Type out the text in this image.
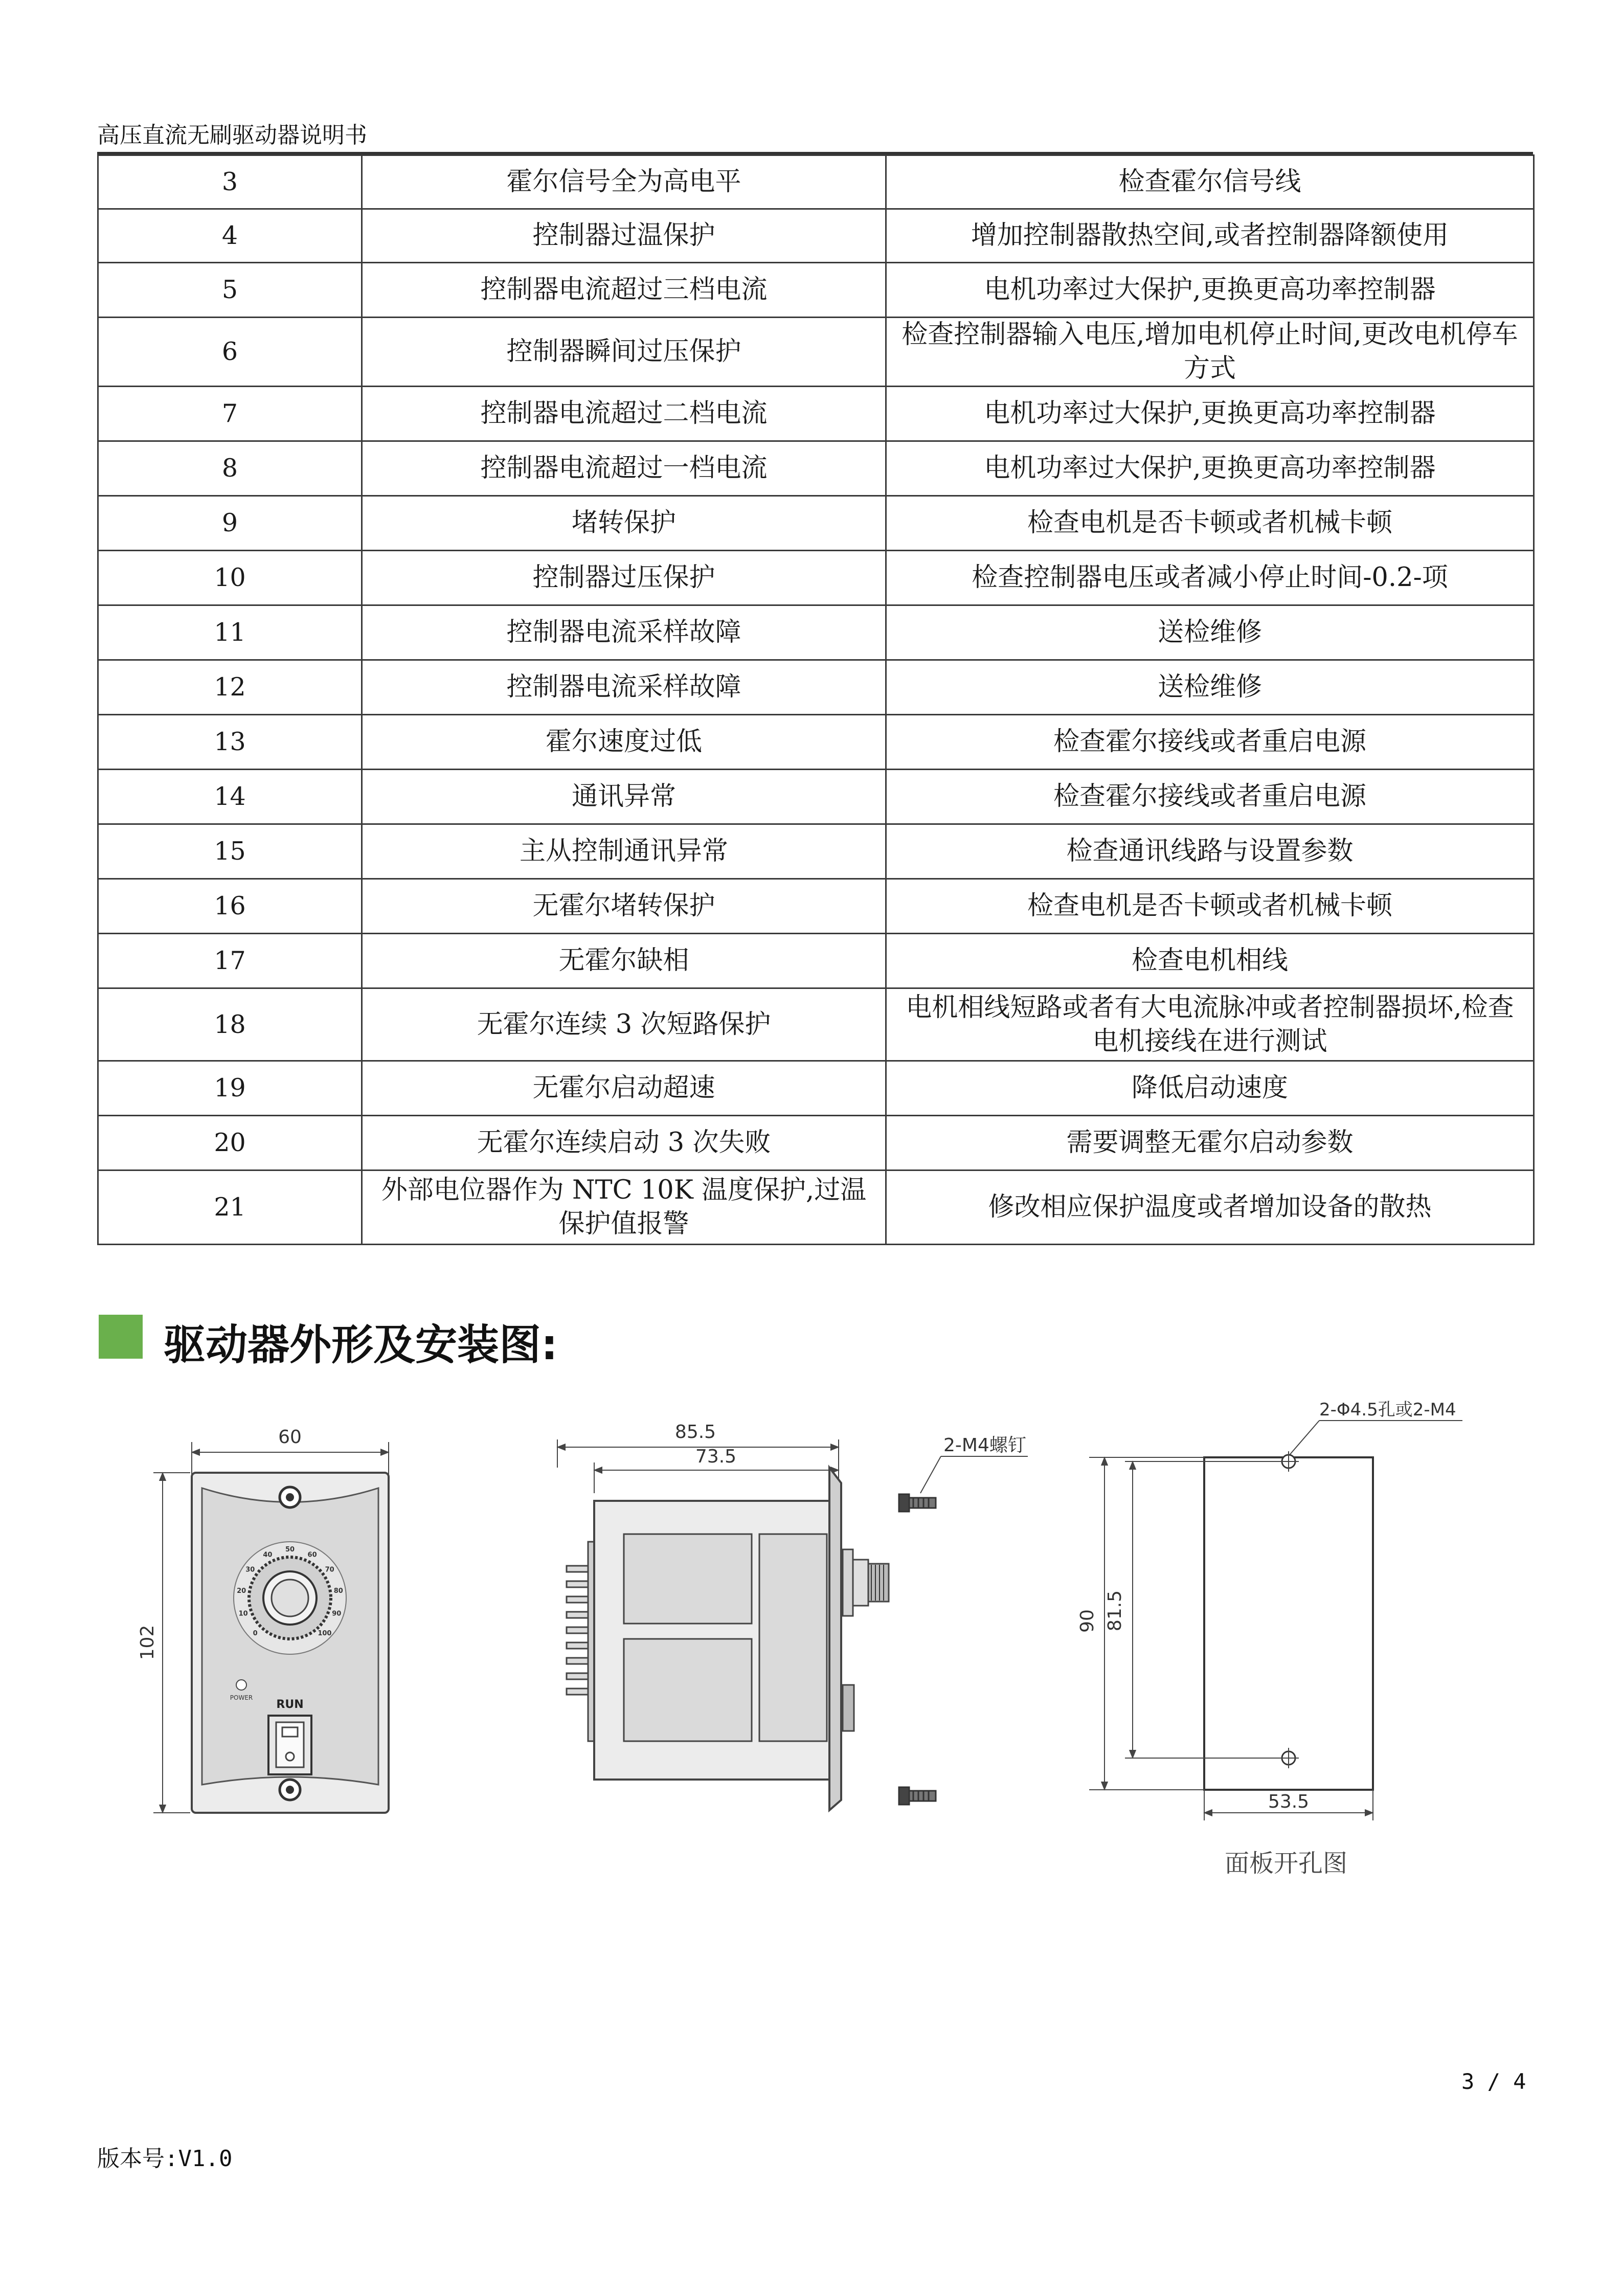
高压直流无刷驱动器说明书
3	霍尔信号全为高电平	检查霍尔信号线
4	控制器过温保护	增加控制器散热空间,或者控制器降额使用
5	控制器电流超过三档电流	电机功率过大保护,更换更高功率控制器
6	控制器瞬间过压保护	检查控制器输入电压,增加电机停止时间,更改电机停车方式
7	控制器电流超过二档电流	电机功率过大保护,更换更高功率控制器
8	控制器电流超过一档电流	电机功率过大保护,更换更高功率控制器
9	堵转保护	检查电机是否卡顿或者机械卡顿
10	控制器过压保护	检查控制器电压或者减小停止时间-0.2-项
11	控制器电流采样故障	送检维修
12	控制器电流采样故障	送检维修
13	霍尔速度过低	检查霍尔接线或者重启电源
14	通讯异常	检查霍尔接线或者重启电源
15	主从控制通讯异常	检查通讯线路与设置参数
16	无霍尔堵转保护	检查电机是否卡顿或者机械卡顿
17	无霍尔缺相	检查电机相线
18	无霍尔连续 3 次短路保护	电机相线短路或者有大电流脉冲或者控制器损坏,检查电机接线在进行测试
19	无霍尔启动超速	降低启动速度
20	无霍尔连续启动 3 次失败	需要调整无霍尔启动参数
21	外部电位器作为 NTC 10K 温度保护,过温保护值报警	修改相应保护温度或者增加设备的散热
驱动器外形及安装图:
60
102	0
10
20
30
40
50
60
70
80
90
100
POWER
RUN
85.5
73.5
2-M4螺钉
2-Φ4.5孔或2-M4
90 81.5
53.5
面板开孔图
3 / 4
版本号:V1.0
